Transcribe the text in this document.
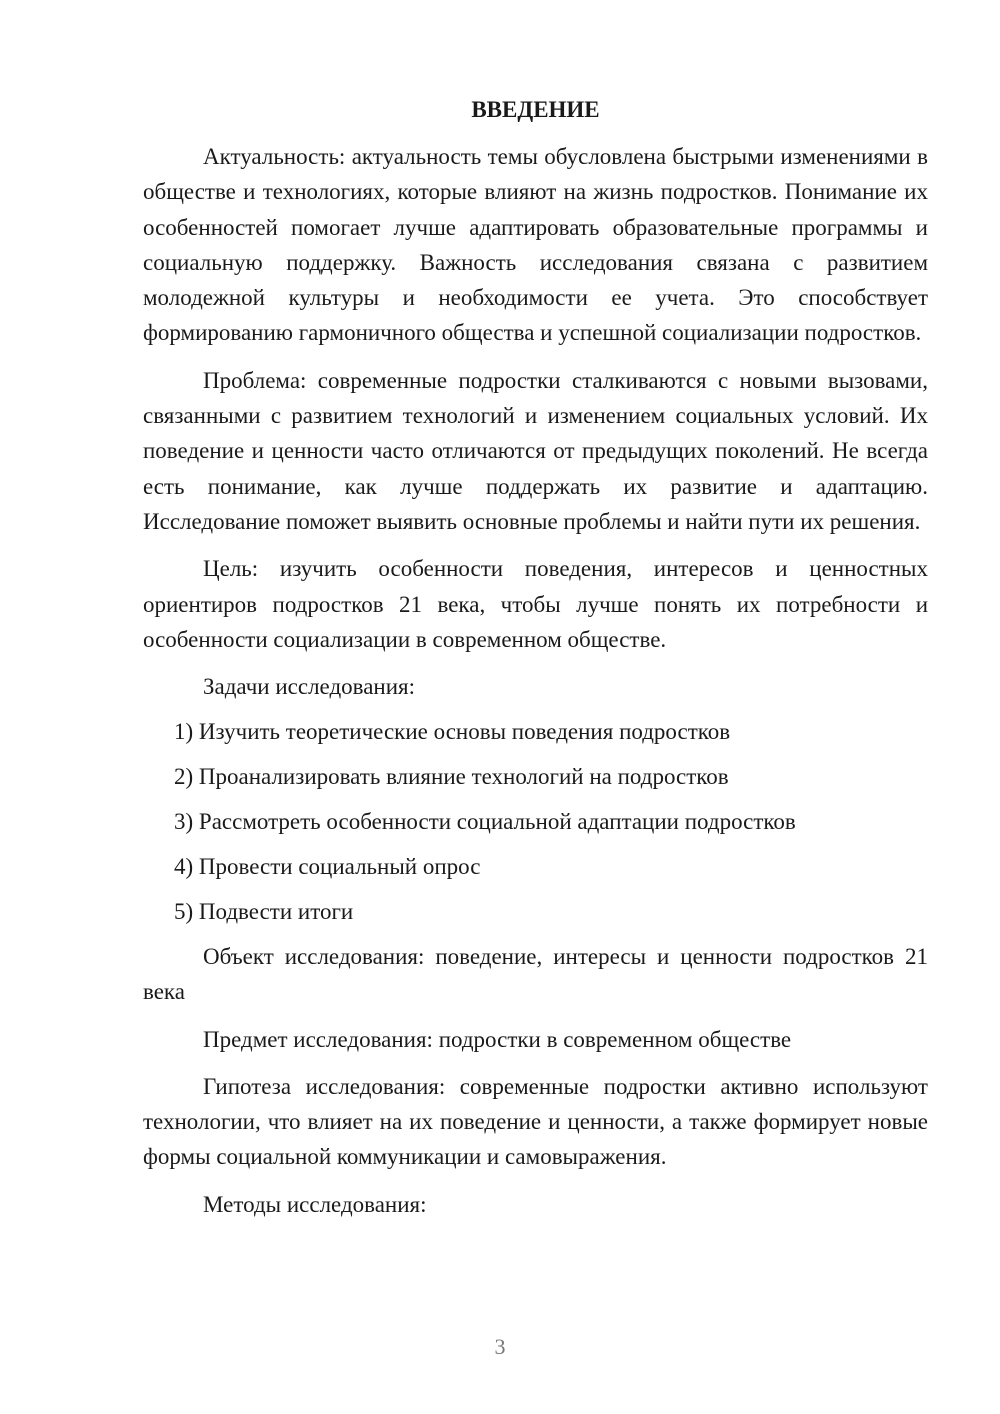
ВВЕДЕНИЕ

Актуальность: актуальность темы обусловлена быстрыми изменениями в обществе и технологиях, которые влияют на жизнь подростков. Понимание их особенностей помогает лучше адаптировать образовательные программы и социальную поддержку. Важность исследования связана с развитием молодежной культуры и необходимости ее учета. Это способствует формированию гармоничного общества и успешной социализации подростков.

Проблема: современные подростки сталкиваются с новыми вызовами, связанными с развитием технологий и изменением социальных условий. Их поведение и ценности часто отличаются от предыдущих поколений. Не всегда есть понимание, как лучше поддержать их развитие и адаптацию. Исследование поможет выявить основные проблемы и найти пути их решения.

Цель: изучить особенности поведения, интересов и ценностных ориентиров подростков 21 века, чтобы лучше понять их потребности и особенности социализации в современном обществе.

Задачи исследования:

1) Изучить теоретические основы поведения подростков
2) Проанализировать влияние технологий на подростков
3) Рассмотреть особенности социальной адаптации подростков
4) Провести социальный опрос
5) Подвести итоги

Объект исследования: поведение, интересы и ценности подростков 21 века

Предмет исследования: подростки в современном обществе

Гипотеза исследования: современные подростки активно используют технологии, что влияет на их поведение и ценности, а также формирует новые формы социальной коммуникации и самовыражения.

Методы исследования:

3
